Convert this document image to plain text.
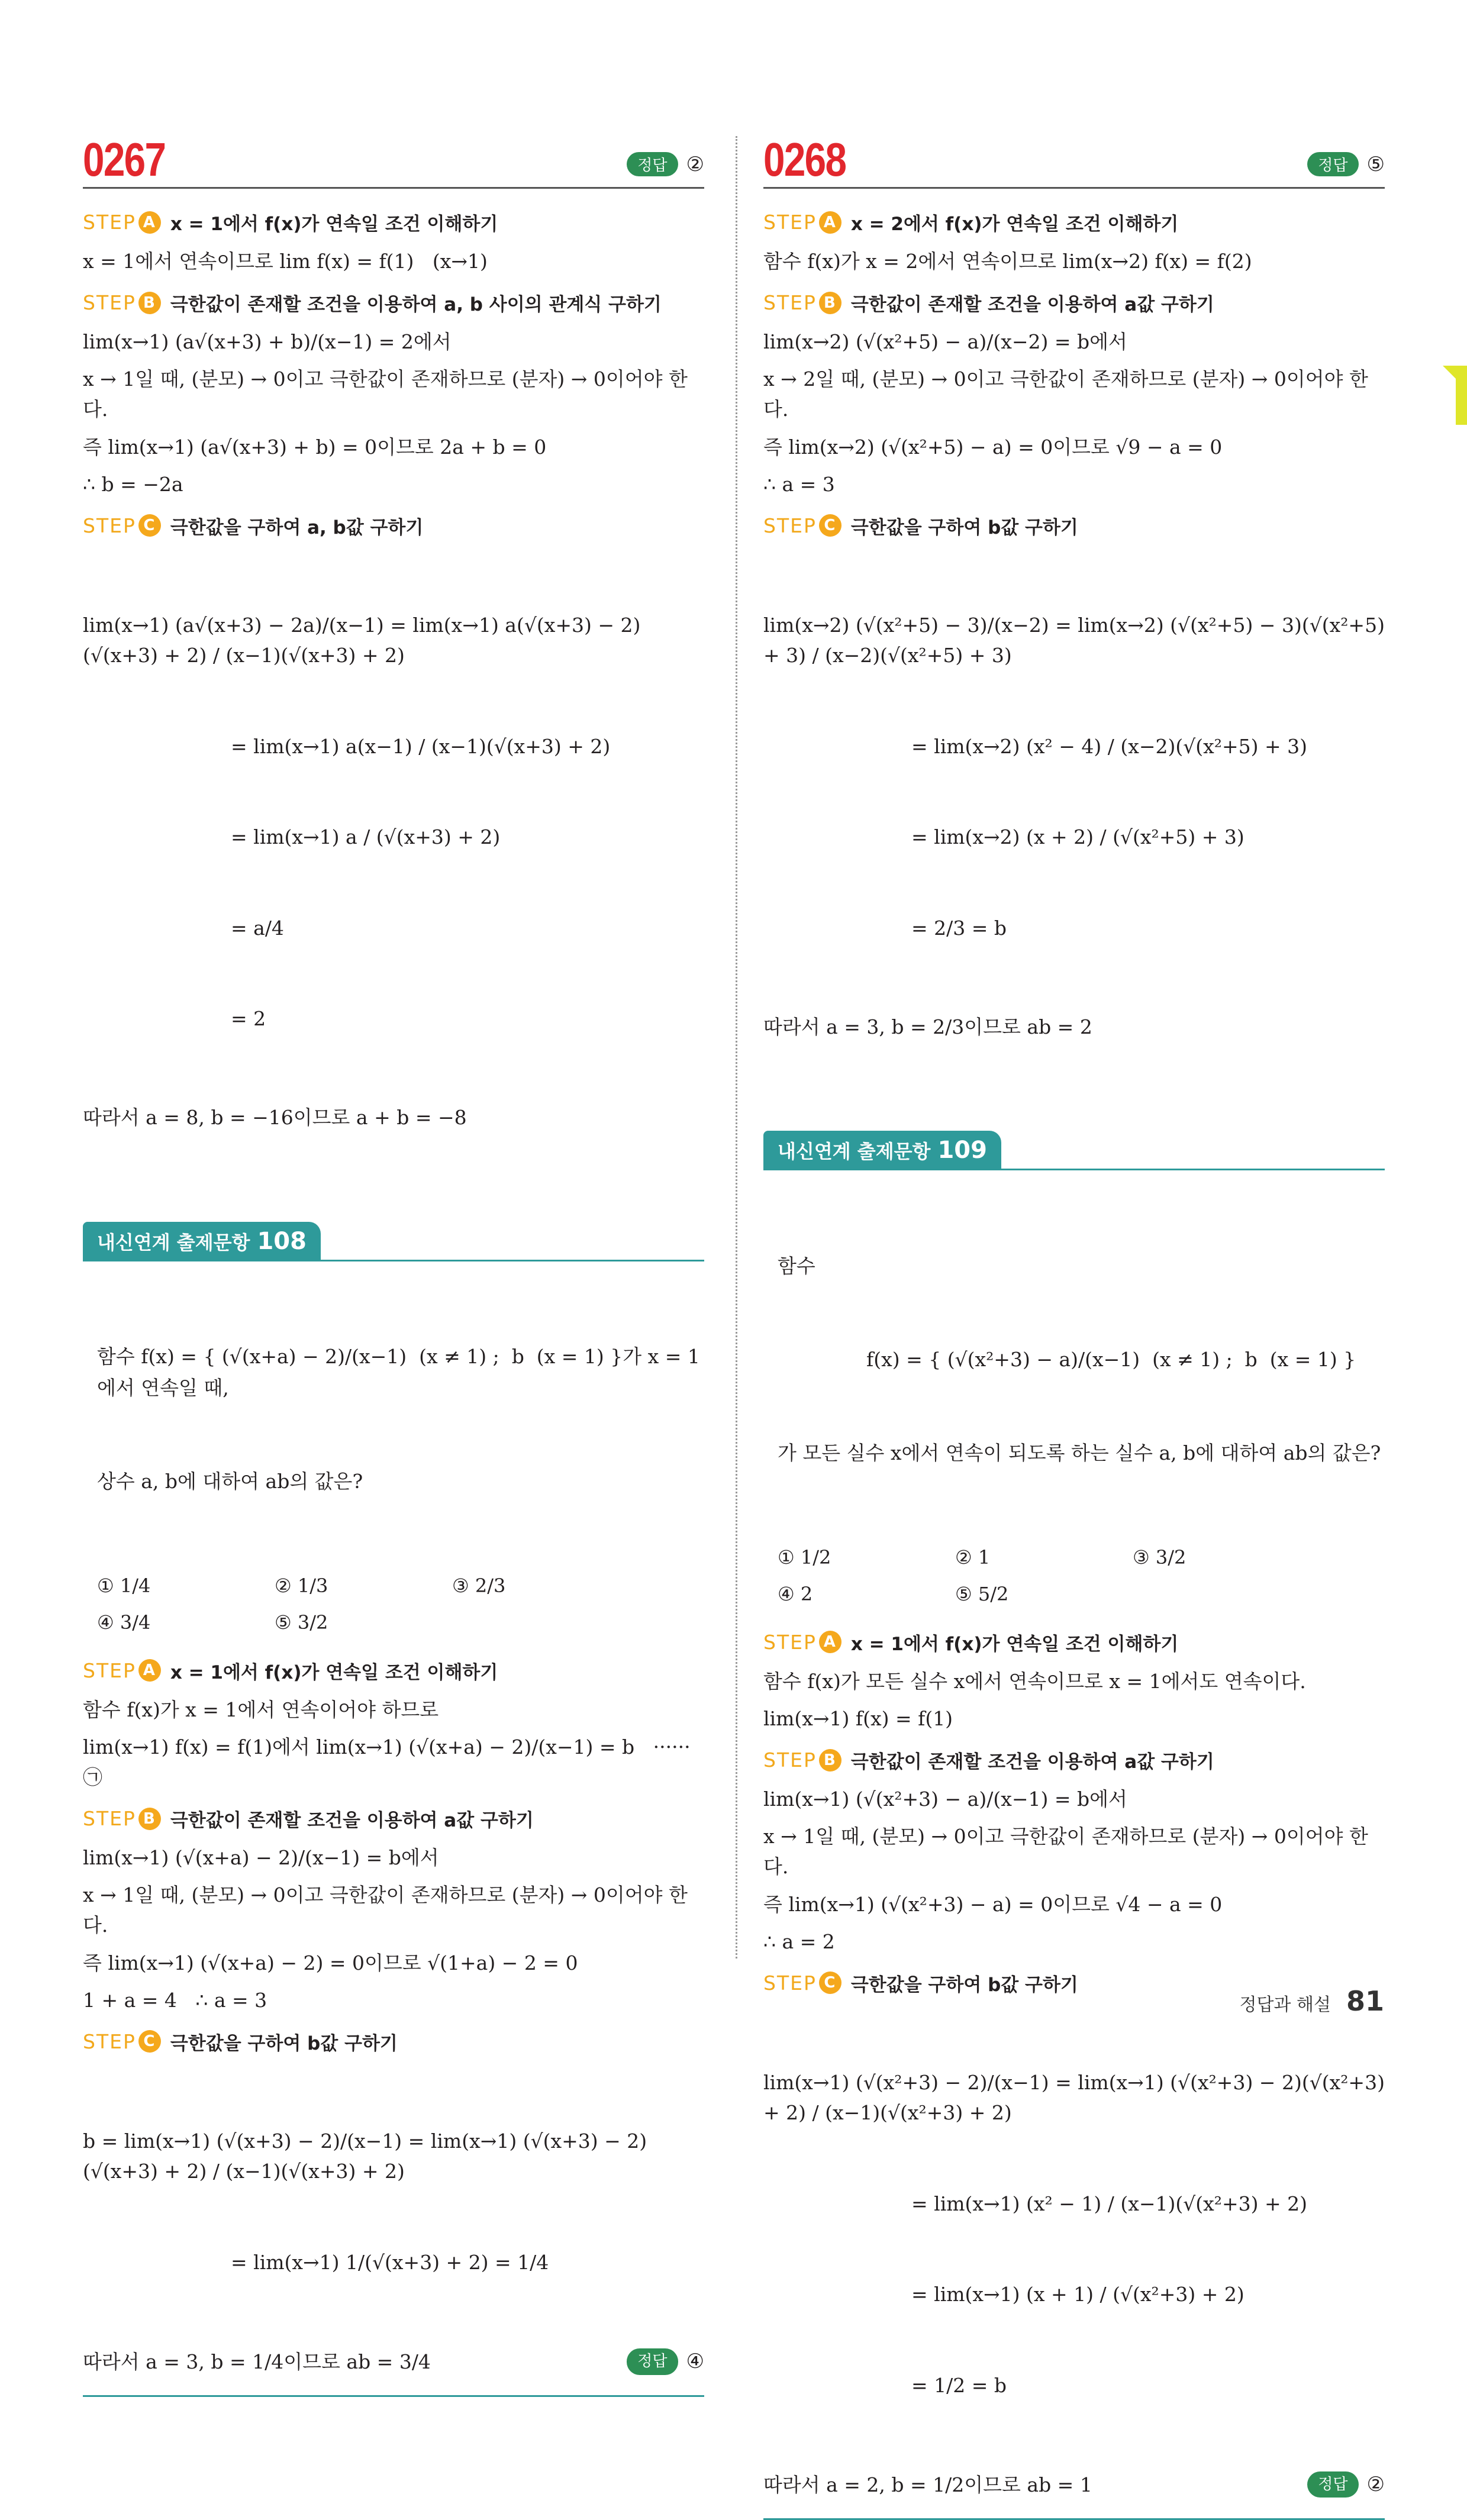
0267	정답 ②
STEP A x = 1에서 f(x)가 연속일 조건 이해하기
x = 1에서 연속이므로 lim f(x) = f(1)   (x→1)
STEP B 극한값이 존재할 조건을 이용하여 a, b 사이의 관계식 구하기
lim(x→1) (a√(x+3) + b)/(x−1) = 2에서
x → 1일 때, (분모) → 0이고 극한값이 존재하므로 (분자) → 0이어야 한다.
즉 lim(x→1) (a√(x+3) + b) = 0이므로 2a + b = 0
∴ b = −2a
STEP C 극한값을 구하여 a, b값 구하기

lim(x→1) (a√(x+3) − 2a)/(x−1) = lim(x→1) a(√(x+3) − 2)(√(x+3) + 2) / (x−1)(√(x+3) + 2)

= lim(x→1) a(x−1) / (x−1)(√(x+3) + 2)

= lim(x→1) a / (√(x+3) + 2)

= a/4

= 2

따라서 a = 8, b = −16이므로 a + b = −8
내신연계 출제문항 108

함수 f(x) = { (√(x+a) − 2)/(x−1)  (x ≠ 1) ;  b  (x = 1) }가 x = 1에서 연속일 때,

상수 a, b에 대하여 ab의 값은?

① 1/4	② 1/3	③ 2/3
④ 3/4	⑤ 3/2
STEP A x = 1에서 f(x)가 연속일 조건 이해하기
함수 f(x)가 x = 1에서 연속이어야 하므로
lim(x→1) f(x) = f(1)에서 lim(x→1) (√(x+a) − 2)/(x−1) = b   ······ ㉠
STEP B 극한값이 존재할 조건을 이용하여 a값 구하기
lim(x→1) (√(x+a) − 2)/(x−1) = b에서
x → 1일 때, (분모) → 0이고 극한값이 존재하므로 (분자) → 0이어야 한다.
즉 lim(x→1) (√(x+a) − 2) = 0이므로 √(1+a) − 2 = 0
1 + a = 4   ∴ a = 3
STEP C 극한값을 구하여 b값 구하기

b = lim(x→1) (√(x+3) − 2)/(x−1) = lim(x→1) (√(x+3) − 2)(√(x+3) + 2) / (x−1)(√(x+3) + 2)

= lim(x→1) 1/(√(x+3) + 2) = 1/4

따라서 a = 3, b = 1/4이므로 ab = 3/4	정답 ④
0268	정답 ⑤
STEP A x = 2에서 f(x)가 연속일 조건 이해하기
함수 f(x)가 x = 2에서 연속이므로 lim(x→2) f(x) = f(2)
STEP B 극한값이 존재할 조건을 이용하여 a값 구하기
lim(x→2) (√(x²+5) − a)/(x−2) = b에서
x → 2일 때, (분모) → 0이고 극한값이 존재하므로 (분자) → 0이어야 한다.
즉 lim(x→2) (√(x²+5) − a) = 0이므로 √9 − a = 0
∴ a = 3
STEP C 극한값을 구하여 b값 구하기

lim(x→2) (√(x²+5) − 3)/(x−2) = lim(x→2) (√(x²+5) − 3)(√(x²+5) + 3) / (x−2)(√(x²+5) + 3)

= lim(x→2) (x² − 4) / (x−2)(√(x²+5) + 3)

= lim(x→2) (x + 2) / (√(x²+5) + 3)

= 2/3 = b

따라서 a = 3, b = 2/3이므로 ab = 2
내신연계 출제문항 109

함수

f(x) = { (√(x²+3) − a)/(x−1)  (x ≠ 1) ;  b  (x = 1) }

가 모든 실수 x에서 연속이 되도록 하는 실수 a, b에 대하여 ab의 값은?

① 1/2	② 1	③ 3/2
④ 2	⑤ 5/2
STEP A x = 1에서 f(x)가 연속일 조건 이해하기
함수 f(x)가 모든 실수 x에서 연속이므로 x = 1에서도 연속이다.
lim(x→1) f(x) = f(1)
STEP B 극한값이 존재할 조건을 이용하여 a값 구하기
lim(x→1) (√(x²+3) − a)/(x−1) = b에서
x → 1일 때, (분모) → 0이고 극한값이 존재하므로 (분자) → 0이어야 한다.
즉 lim(x→1) (√(x²+3) − a) = 0이므로 √4 − a = 0
∴ a = 2
STEP C 극한값을 구하여 b값 구하기

lim(x→1) (√(x²+3) − 2)/(x−1) = lim(x→1) (√(x²+3) − 2)(√(x²+3) + 2) / (x−1)(√(x²+3) + 2)

= lim(x→1) (x² − 1) / (x−1)(√(x²+3) + 2)

= lim(x→1) (x + 1) / (√(x²+3) + 2)

= 1/2 = b

따라서 a = 2, b = 1/2이므로 ab = 1	정답 ②
정답과 해설 81
